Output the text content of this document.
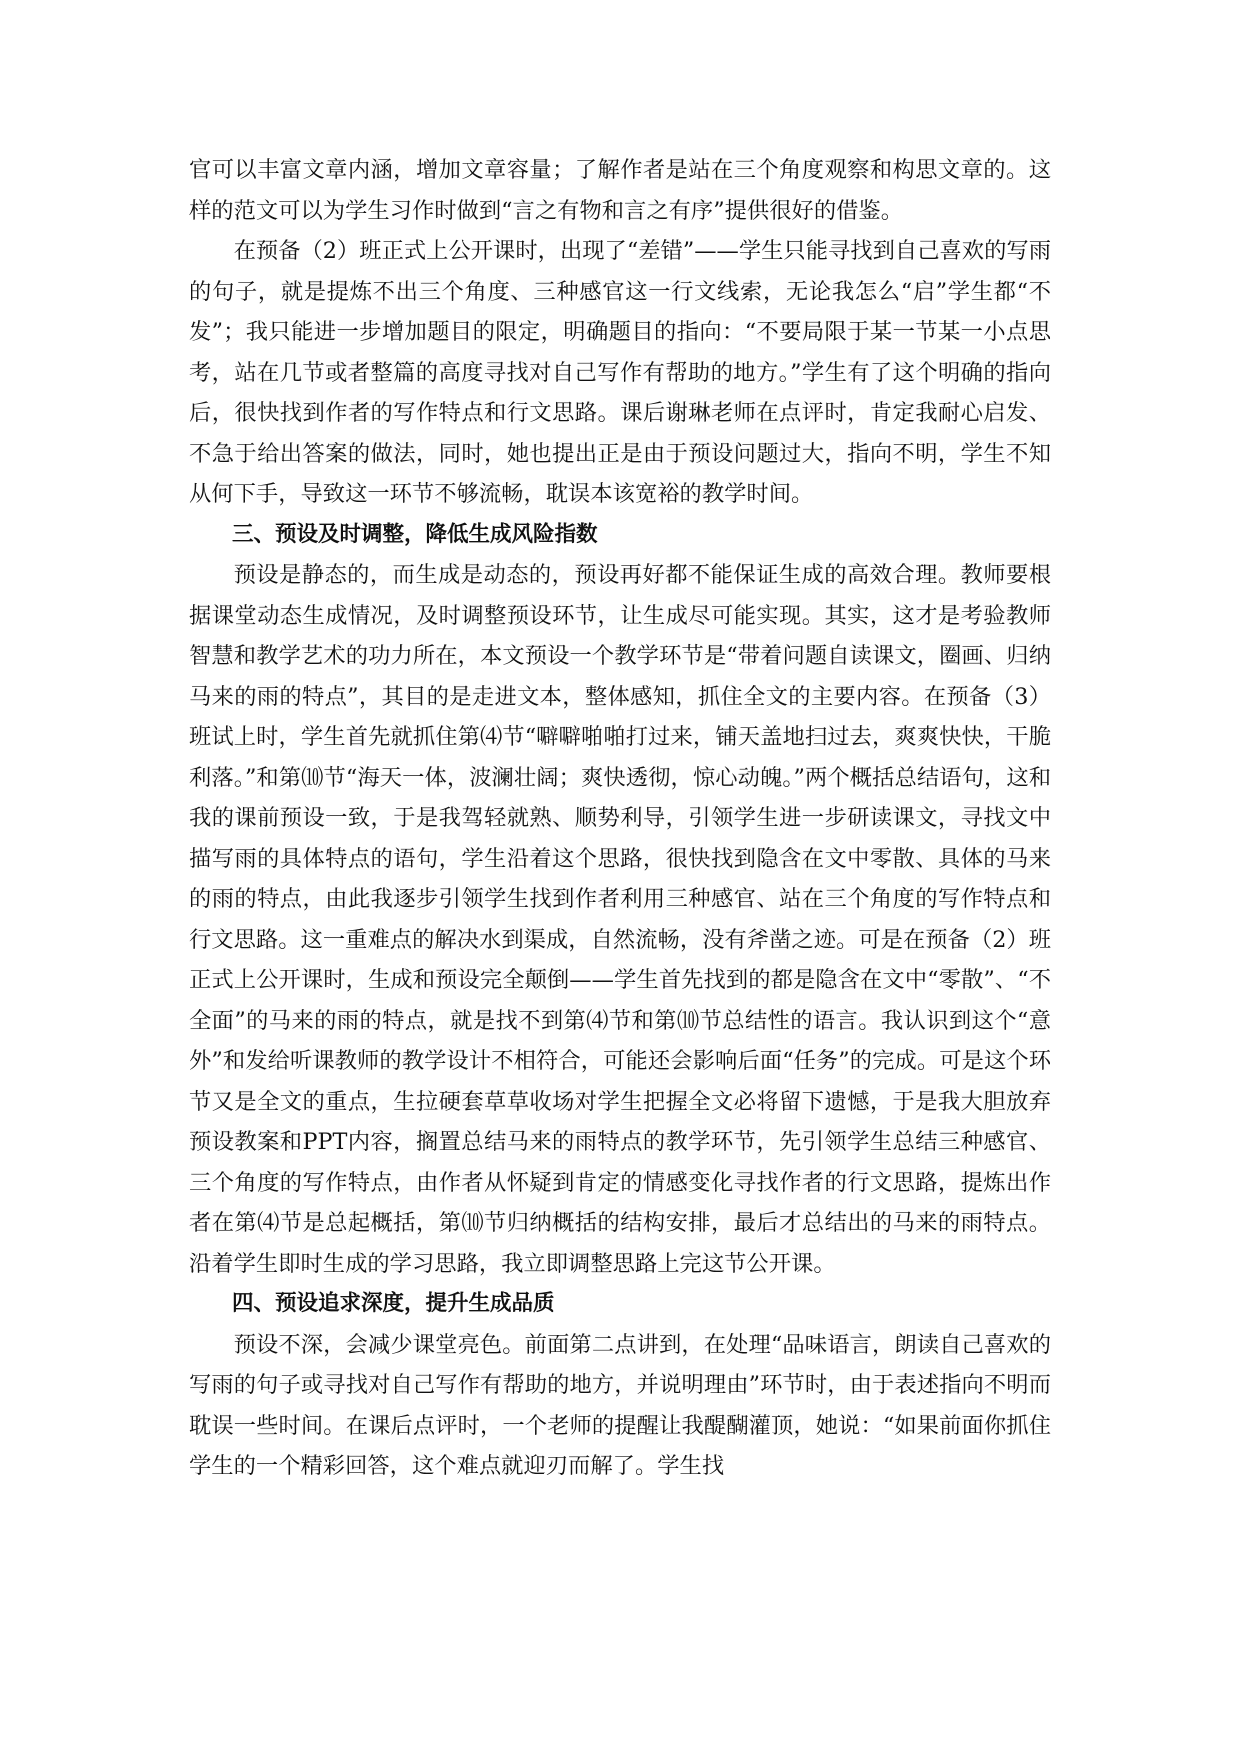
官可以丰富文章内涵，增加文章容量；了解作者是站在三个角度观察和构思文章的。这样的范文可以为学生习作时做到“言之有物和言之有序”提供很好的借鉴。

在预备（2）班正式上公开课时，出现了“差错”——学生只能寻找到自己喜欢的写雨的句子，就是提炼不出三个角度、三种感官这一行文线索，无论我怎么“启”学生都“不发”；我只能进一步增加题目的限定，明确题目的指向：“不要局限于某一节某一小点思考，站在几节或者整篇的高度寻找对自己写作有帮助的地方。”学生有了这个明确的指向后，很快找到作者的写作特点和行文思路。课后谢琳老师在点评时，肯定我耐心启发、不急于给出答案的做法，同时，她也提出正是由于预设问题过大，指向不明，学生不知从何下手，导致这一环节不够流畅，耽误本该宽裕的教学时间。

三、预设及时调整，降低生成风险指数

预设是静态的，而生成是动态的，预设再好都不能保证生成的高效合理。教师要根据课堂动态生成情况，及时调整预设环节，让生成尽可能实现。其实，这才是考验教师智慧和教学艺术的功力所在，本文预设一个教学环节是“带着问题自读课文，圈画、归纳马来的雨的特点”，其目的是走进文本，整体感知，抓住全文的主要内容。在预备（3）班试上时，学生首先就抓住第⑷节“噼噼啪啪打过来，铺天盖地扫过去，爽爽快快，干脆利落。”和第⑽节“海天一体，波澜壮阔；爽快透彻，惊心动魄。”两个概括总结语句，这和我的课前预设一致，于是我驾轻就熟、顺势利导，引领学生进一步研读课文，寻找文中描写雨的具体特点的语句，学生沿着这个思路，很快找到隐含在文中零散、具体的马来的雨的特点，由此我逐步引领学生找到作者利用三种感官、站在三个角度的写作特点和行文思路。这一重难点的解决水到渠成，自然流畅，没有斧凿之迹。可是在预备（2）班正式上公开课时，生成和预设完全颠倒——学生首先找到的都是隐含在文中“零散”、“不全面”的马来的雨的特点，就是找不到第⑷节和第⑽节总结性的语言。我认识到这个“意外”和发给听课教师的教学设计不相符合，可能还会影响后面“任务”的完成。可是这个环节又是全文的重点，生拉硬套草草收场对学生把握全文必将留下遗憾，于是我大胆放弃预设教案和PPT内容，搁置总结马来的雨特点的教学环节，先引领学生总结三种感官、三个角度的写作特点，由作者从怀疑到肯定的情感变化寻找作者的行文思路，提炼出作者在第⑷节是总起概括，第⑽节归纳概括的结构安排，最后才总结出的马来的雨特点。沿着学生即时生成的学习思路，我立即调整思路上完这节公开课。

四、预设追求深度，提升生成品质

预设不深，会减少课堂亮色。前面第二点讲到，在处理“品味语言，朗读自己喜欢的写雨的句子或寻找对自己写作有帮助的地方，并说明理由”环节时，由于表述指向不明而耽误一些时间。在课后点评时，一个老师的提醒让我醍醐灌顶，她说：“如果前面你抓住学生的一个精彩回答，这个难点就迎刃而解了。学生找
